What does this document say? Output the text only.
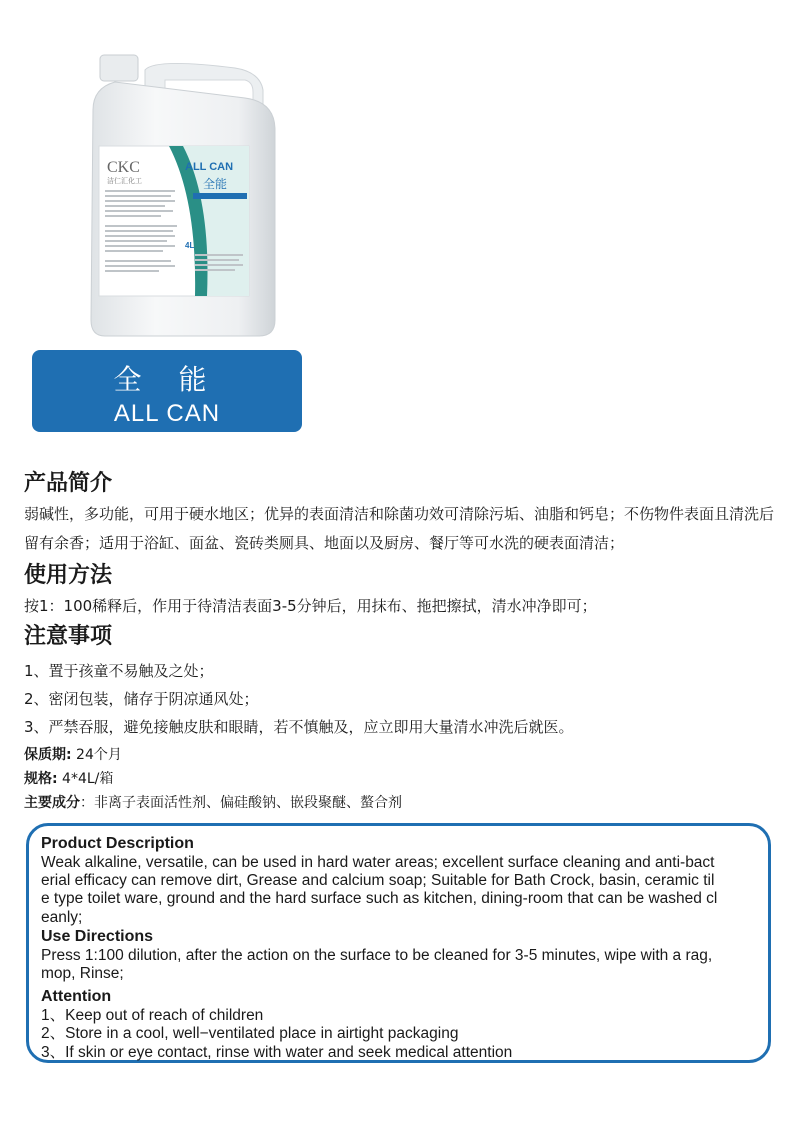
CKC
洁仁汇化工
ALL CAN
全能
4L
全 能
ALL CAN
产品简介

弱碱性，多功能，可用于硬水地区；优异的表面清洁和除菌功效可清除污垢、油脂和钙皂；不伤物件表面且清洗后留有余香；适用于浴缸、面盆、瓷砖类厕具、地面以及厨房、餐厅等可水洗的硬表面清洁；

使用方法

按1：100稀释后，作用于待清洁表面3-5分钟后，用抹布、拖把擦拭，清水冲净即可；

注意事项

1、置于孩童不易触及之处；

2、密闭包装，储存于阴凉通风处；

3、严禁吞服，避免接触皮肤和眼睛，若不慎触及，应立即用大量清水冲洗后就医。

保质期: 24个月

规格: 4*4L/箱

主要成分：非离子表面活性剂、偏硅酸钠、嵌段聚醚、螯合剂

Product Description

Weak alkaline, versatile, can be used in hard water areas; excellent surface cleaning and anti-bact

erial efficacy can remove dirt, Grease and calcium soap; Suitable for Bath Crock, basin, ceramic til

e type toilet ware, ground and the hard surface such as kitchen, dining-room that can be washed cl

eanly;

Use Directions

Press 1:100 dilution, after the action on the surface to be cleaned for 3-5 minutes, wipe with a rag,

mop, Rinse;

Attention

1、Keep out of reach of children

2、Store in a cool, well−ventilated place in airtight packaging

3、If skin or eye contact, rinse with water and seek medical attention
